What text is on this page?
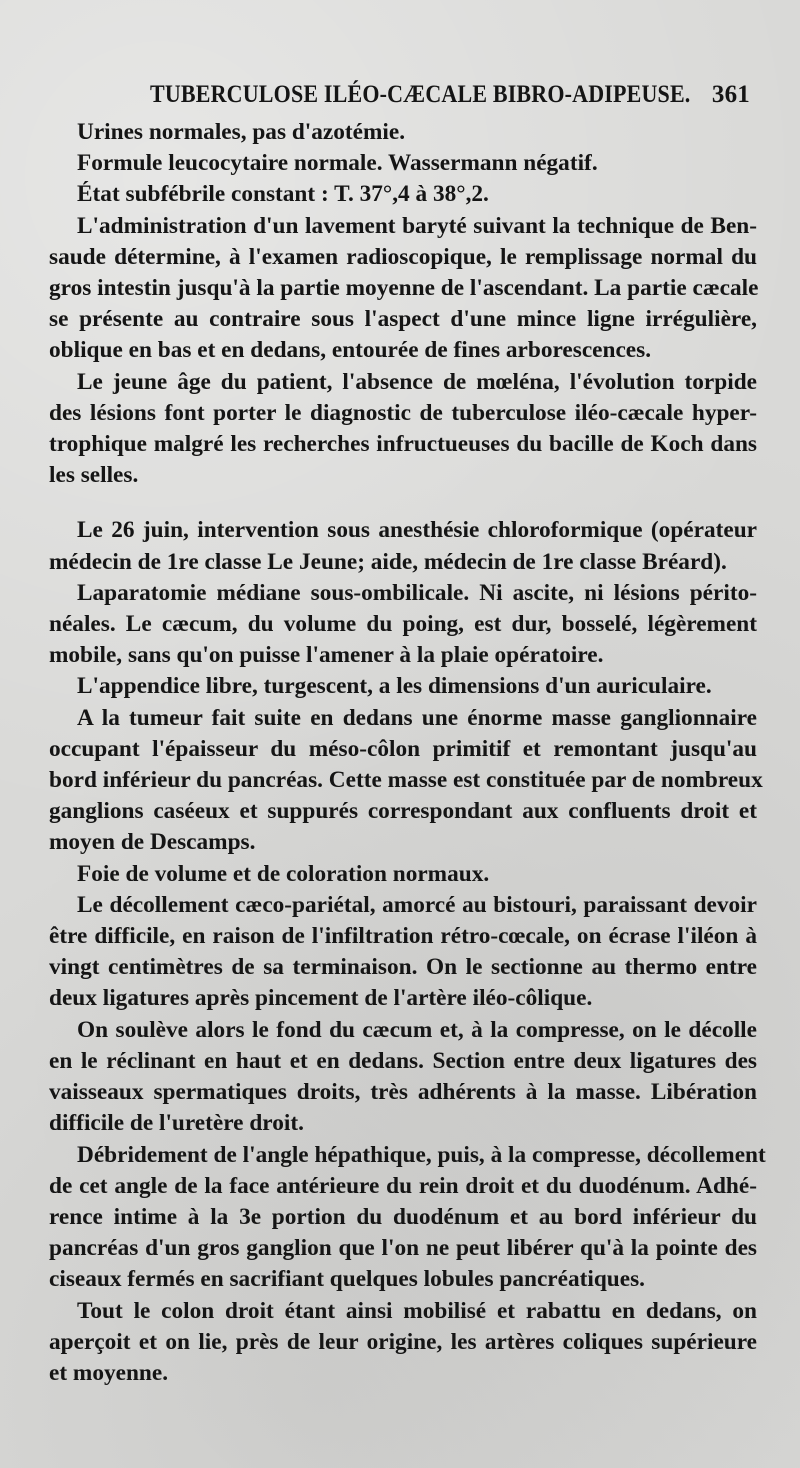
TUBERCULOSE ILÉO-CÆCALE BIBRO-ADIPEUSE. 361

Urines normales, pas d'azotémie.

Formule leucocytaire normale. Wassermann négatif.

État subfébrile constant : T. 37°,4 à 38°,2.

L'administration d'un lavement baryté suivant la technique de Ben-
saude détermine, à l'examen radioscopique, le remplissage normal du
gros intestin jusqu'à la partie moyenne de l'ascendant. La partie cæcale
se présente au contraire sous l'aspect d'une mince ligne irrégulière,
oblique en bas et en dedans, entourée de fines arborescences.

Le jeune âge du patient, l'absence de mœléna, l'évolution torpide
des lésions font porter le diagnostic de tuberculose iléo-cæcale hyper-
trophique malgré les recherches infructueuses du bacille de Koch dans
les selles.

Le 26 juin, intervention sous anesthésie chloroformique (opérateur
médecin de 1re classe Le Jeune; aide, médecin de 1re classe Bréard).

Laparatomie médiane sous-ombilicale. Ni ascite, ni lésions périto-
néales. Le cæcum, du volume du poing, est dur, bosselé, légèrement
mobile, sans qu'on puisse l'amener à la plaie opératoire.

L'appendice libre, turgescent, a les dimensions d'un auriculaire.

A la tumeur fait suite en dedans une énorme masse ganglionnaire
occupant l'épaisseur du méso-côlon primitif et remontant jusqu'au
bord inférieur du pancréas. Cette masse est constituée par de nombreux
ganglions caséeux et suppurés correspondant aux confluents droit et
moyen de Descamps.

Foie de volume et de coloration normaux.

Le décollement cæco-pariétal, amorcé au bistouri, paraissant devoir
être difficile, en raison de l'infiltration rétro-cœcale, on écrase l'iléon à
vingt centimètres de sa terminaison. On le sectionne au thermo entre
deux ligatures après pincement de l'artère iléo-côlique.

On soulève alors le fond du cæcum et, à la compresse, on le décolle
en le réclinant en haut et en dedans. Section entre deux ligatures des
vaisseaux spermatiques droits, très adhérents à la masse. Libération
difficile de l'uretère droit.

Débridement de l'angle hépathique, puis, à la compresse, décollement
de cet angle de la face antérieure du rein droit et du duodénum. Adhé-
rence intime à la 3e portion du duodénum et au bord inférieur du
pancréas d'un gros ganglion que l'on ne peut libérer qu'à la pointe des
ciseaux fermés en sacrifiant quelques lobules pancréatiques.

Tout le colon droit étant ainsi mobilisé et rabattu en dedans, on
aperçoit et on lie, près de leur origine, les artères coliques supérieure
et moyenne.
